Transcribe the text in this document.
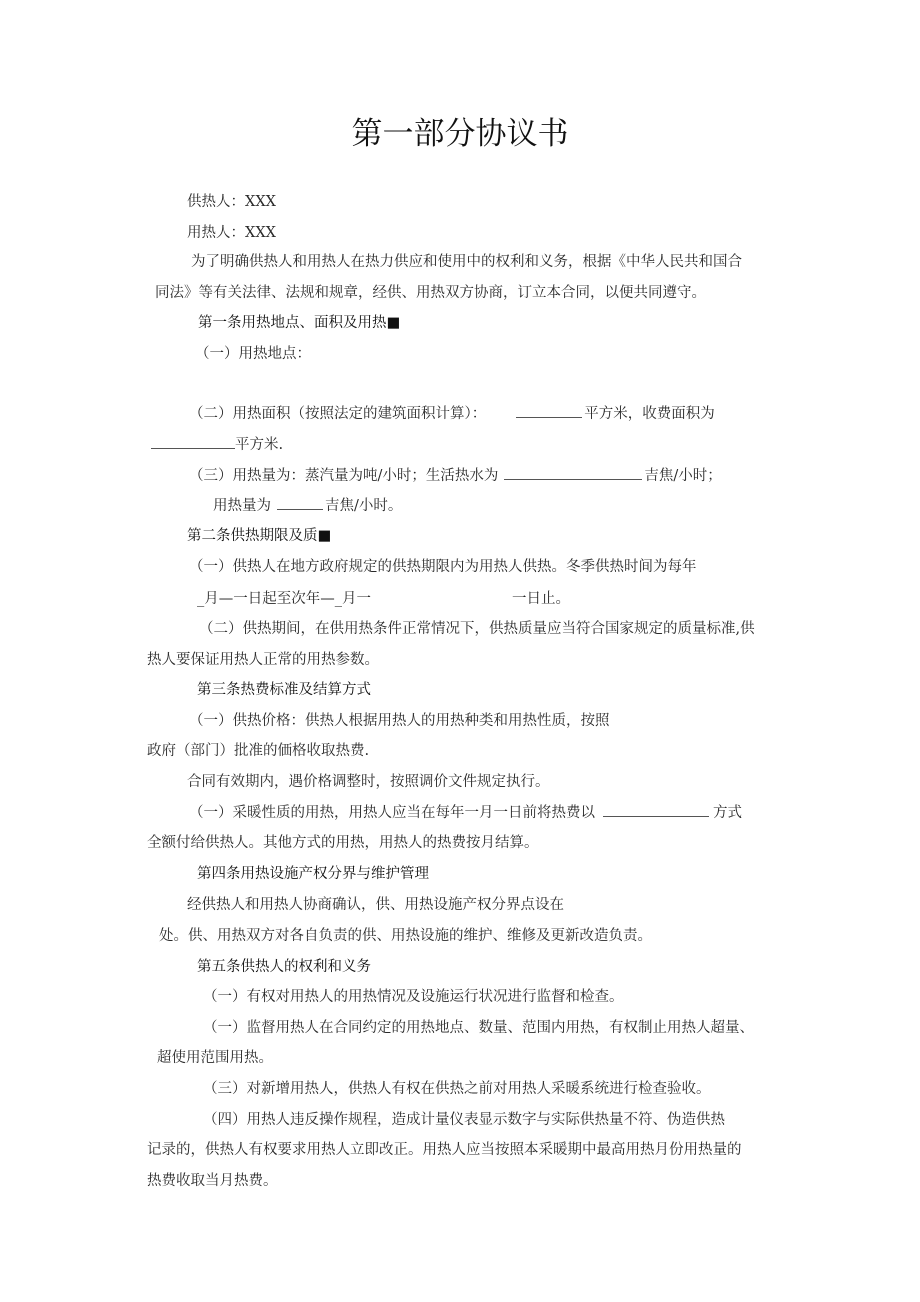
第一部分协议书
供热人：XXX
用热人：XXX
为了明确供热人和用热人在热力供应和使用中的权利和义务，根据《中华人民共和国合
同法》等有关法律、法规和规章，经供、用热双方协商，订立本合同，以便共同遵守。
第一条用热地点、面积及用热■
（一）用热地点：
（二）用热面积（按照法定的建筑面积计算）：	平方米，收费面积为
平方米.
（三）用热量为：蒸汽量为吨/小时；生活热水为	吉焦/小时；
用热量为	吉焦/小时。
第二条供热期限及质■
（一）供热人在地方政府规定的供热期限内为用热人供热。冬季供热时间为每年
_月—一日起至次年—_月一	一日止。
（二）供热期间，在供用热条件正常情况下，供热质量应当符合国家规定的质量标准,供
热人要保证用热人正常的用热参数。
第三条热费标准及结算方式
（一）供热价格：供热人根据用热人的用热种类和用热性质，按照
政府（部门）批准的価格收取热费.
合同有效期内，遇价格调整时，按照调价文件规定执行。
（一）采暖性质的用热，用热人应当在每年一月一日前将热费以	方式
全额付给供热人。其他方式的用热，用热人的热费按月结算。
第四条用热设施产权分界与维护管理
经供热人和用热人协商确认，供、用热设施产权分界点设在
处。供、用热双方对各自负责的供、用热设施的维护、维修及更新改造负责。
第五条供热人的权利和义务
（一）有权对用热人的用热情况及设施运行状况进行监督和检查。
（一）监督用热人在合同约定的用热地点、数量、范围内用热，有权制止用热人超量、
超使用范围用热。
（三）对新增用热人，供热人有权在供热之前对用热人采暖系统进行检查验收。
（四）用热人违反操作规程，造成计量仪表显示数字与实际供热量不符、伪造供热
记录的，供热人有权要求用热人立即改正。用热人应当按照本采暖期中最高用热月份用热量的
热费收取当月热费。
